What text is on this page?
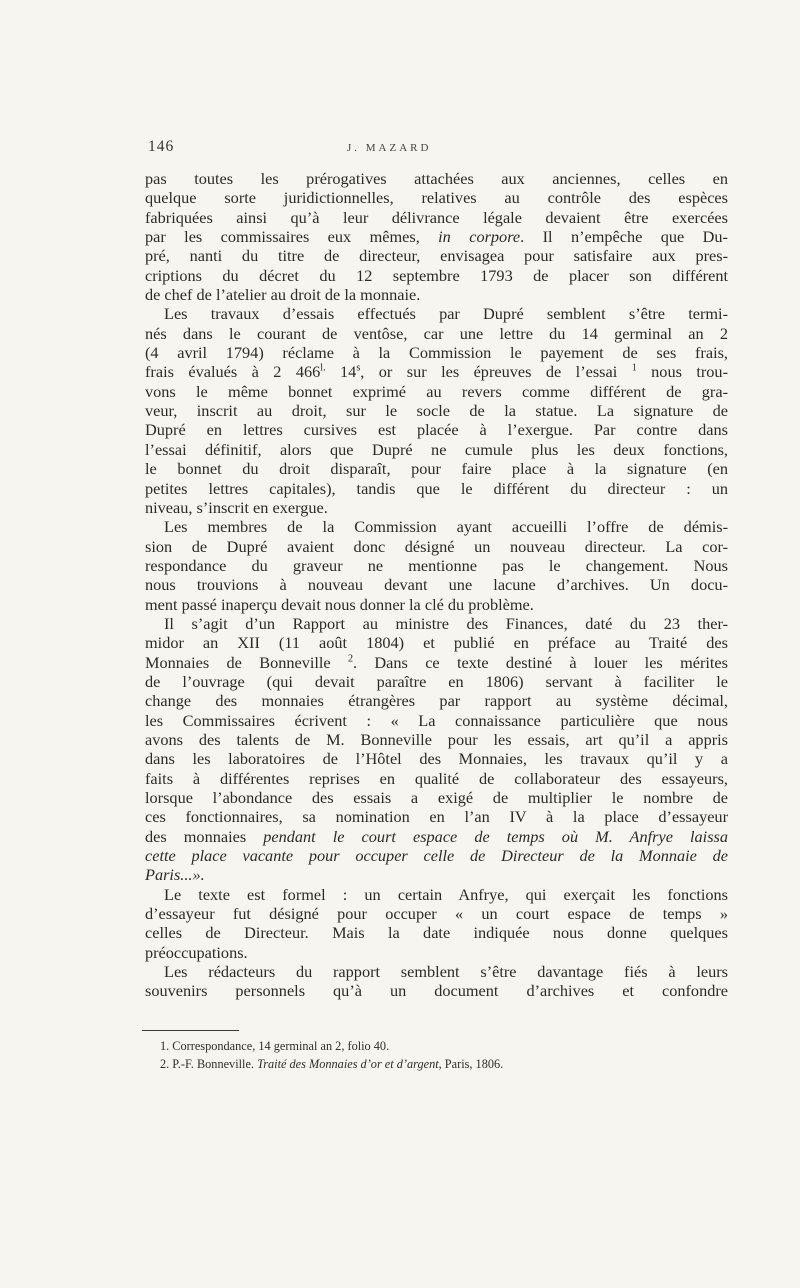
146	J. MAZARD
pas toutes les prérogatives attachées aux anciennes, celles en
quelque sorte juridictionnelles, relatives au contrôle des espèces
fabriquées ainsi qu’à leur délivrance légale devaient être exercées
par les commissaires eux mêmes, in corpore. Il n’empêche que Du-
pré, nanti du titre de directeur, envisagea pour satisfaire aux pres-
criptions du décret du 12 septembre 1793 de placer son différent
de chef de l’atelier au droit de la monnaie.
Les travaux d’essais effectués par Dupré semblent s’être termi-
nés dans le courant de ventôse, car une lettre du 14 germinal an 2
(4 avril 1794) réclame à la Commission le payement de ses frais,
frais évalués à 2 $466^{l.}$ 14$^s$, or sur les épreuves de l’essai $^1$ nous trou-
vons le même bonnet exprimé au revers comme différent de gra-
veur, inscrit au droit, sur le socle de la statue. La signature de
Dupré en lettres cursives est placée à l’exergue. Par contre dans
l’essai définitif, alors que Dupré ne cumule plus les deux fonctions,
le bonnet du droit disparaît, pour faire place à la signature (en
petites lettres capitales), tandis que le différent du directeur : un
niveau, s’inscrit en exergue.
Les membres de la Commission ayant accueilli l’offre de démis-
sion de Dupré avaient donc désigné un nouveau directeur. La cor-
respondance du graveur ne mentionne pas le changement. Nous
nous trouvions à nouveau devant une lacune d’archives. Un docu-
ment passé inaperçu devait nous donner la clé du problème.
Il s’agit d’un Rapport au ministre des Finances, daté du 23 ther-
midor an XII (11 août 1804) et publié en préface au Traité des
Monnaies de Bonneville $^2$. Dans ce texte destiné à louer les mérites
de l’ouvrage (qui devait paraître en 1806) servant à faciliter le
change des monnaies étrangères par rapport au système décimal,
les Commissaires écrivent : « La connaissance particulière que nous
avons des talents de M. Bonneville pour les essais, art qu’il a appris
dans les laboratoires de l’Hôtel des Monnaies, les travaux qu’il y a
faits à différentes reprises en qualité de collaborateur des essayeurs,
lorsque l’abondance des essais a exigé de multiplier le nombre de
ces fonctionnaires, sa nomination en l’an IV à la place d’essayeur
des monnaies pendant le court espace de temps où M. Anfrye laissa
cette place vacante pour occuper celle de Directeur de la Monnaie de
Paris...».
Le texte est formel : un certain Anfrye, qui exerçait les fonctions
d’essayeur fut désigné pour occuper « un court espace de temps »
celles de Directeur. Mais la date indiquée nous donne quelques
préoccupations.
Les rédacteurs du rapport semblent s’être davantage fiés à leurs
souvenirs personnels qu’à un document d’archives et confondre
1. Correspondance, 14 germinal an 2, folio 40.
2. P.-F. Bonneville. Traité des Monnaies d’or et d’argent, Paris, 1806.
